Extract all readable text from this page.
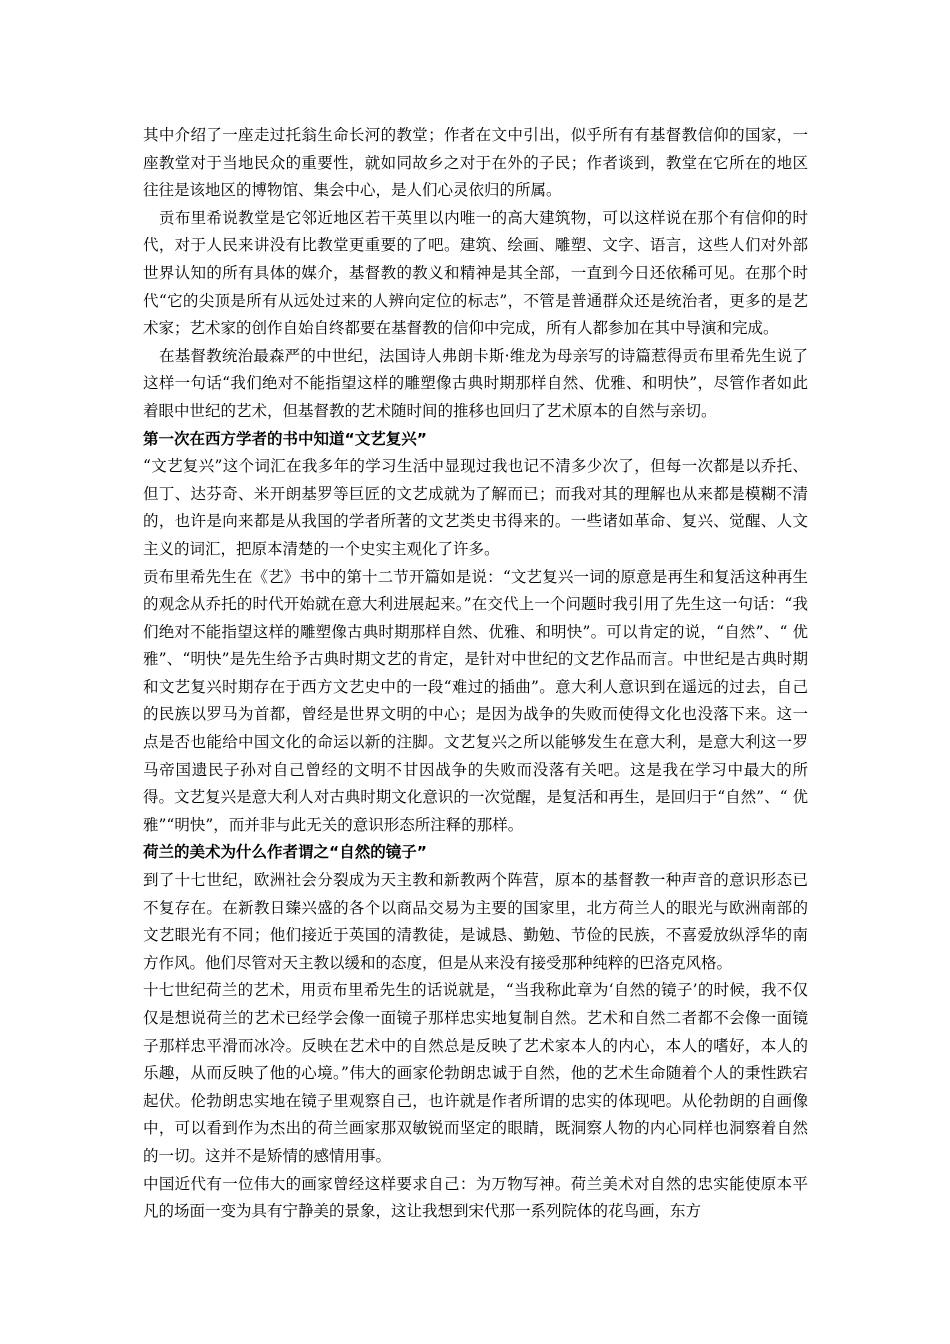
其中介绍了一座走过托翁生命长河的教堂；作者在文中引出，似乎所有有基督教信仰的国家，一座教堂对于当地民众的重要性，就如同故乡之对于在外的子民；作者谈到，教堂在它所在的地区往往是该地区的博物馆、集会中心，是人们心灵依归的所属。

贡布里希说教堂是它邻近地区若干英里以内唯一的高大建筑物，可以这样说在那个有信仰的时代，对于人民来讲没有比教堂更重要的了吧。建筑、绘画、雕塑、文字、语言，这些人们对外部世界认知的所有具体的媒介，基督教的教义和精神是其全部，一直到今日还依稀可见。在那个时代“它的尖顶是所有从远处过来的人辨向定位的标志”，不管是普通群众还是统治者，更多的是艺术家；艺术家的创作自始自终都要在基督教的信仰中完成，所有人都参加在其中导演和完成。

在基督教统治最森严的中世纪，法国诗人弗朗卡斯·维龙为母亲写的诗篇惹得贡布里希先生说了这样一句话“我们绝对不能指望这样的雕塑像古典时期那样自然、优雅、和明快”，尽管作者如此着眼中世纪的艺术，但基督教的艺术随时间的推移也回归了艺术原本的自然与亲切。

第一次在西方学者的书中知道“文艺复兴”

“文艺复兴”这个词汇在我多年的学习生活中显现过我也记不清多少次了，但每一次都是以乔托、但丁、达芬奇、米开朗基罗等巨匠的文艺成就为了解而已；而我对其的理解也从来都是模糊不清的，也许是向来都是从我国的学者所著的文艺类史书得来的。一些诸如革命、复兴、觉醒、人文主义的词汇，把原本清楚的一个史实主观化了许多。

贡布里希先生在《艺》书中的第十二节开篇如是说：“文艺复兴一词的原意是再生和复活这种再生的观念从乔托的时代开始就在意大利进展起来。”在交代上一个问题时我引用了先生这一句话：“我们绝对不能指望这样的雕塑像古典时期那样自然、优雅、和明快”。可以肯定的说，“自然”、“ 优雅”、“明快”是先生给予古典时期文艺的肯定，是针对中世纪的文艺作品而言。中世纪是古典时期和文艺复兴时期存在于西方文艺史中的一段“难过的插曲”。意大利人意识到在遥远的过去，自己的民族以罗马为首都，曾经是世界文明的中心；是因为战争的失败而使得文化也没落下来。这一点是否也能给中国文化的命运以新的注脚。文艺复兴之所以能够发生在意大利，是意大利这一罗马帝国遗民子孙对自己曾经的文明不甘因战争的失败而没落有关吧。这是我在学习中最大的所得。文艺复兴是意大利人对古典时期文化意识的一次觉醒，是复活和再生，是回归于“自然”、“ 优雅”“明快”，而并非与此无关的意识形态所注释的那样。

荷兰的美术为什么作者谓之“自然的镜子”

到了十七世纪，欧洲社会分裂成为天主教和新教两个阵营，原本的基督教一种声音的意识形态已不复存在。在新教日臻兴盛的各个以商品交易为主要的国家里，北方荷兰人的眼光与欧洲南部的文艺眼光有不同；他们接近于英国的清教徒，是诚恳、勤勉、节俭的民族，不喜爱放纵浮华的南方作风。他们尽管对天主教以缓和的态度，但是从来没有接受那种纯粹的巴洛克风格。

十七世纪荷兰的艺术，用贡布里希先生的话说就是，“当我称此章为‘自然的镜子’的时候，我不仅仅是想说荷兰的艺术已经学会像一面镜子那样忠实地复制自然。艺术和自然二者都不会像一面镜子那样忠平滑而冰冷。反映在艺术中的自然总是反映了艺术家本人的内心，本人的嗜好，本人的乐趣，从而反映了他的心境。”伟大的画家伦勃朗忠诚于自然，他的艺术生命随着个人的秉性跌宕起伏。伦勃朗忠实地在镜子里观察自己，也许就是作者所谓的忠实的体现吧。从伦勃朗的自画像中，可以看到作为杰出的荷兰画家那双敏锐而坚定的眼睛，既洞察人物的内心同样也洞察着自然的一切。这并不是矫情的感情用事。

中国近代有一位伟大的画家曾经这样要求自己：为万物写神。荷兰美术对自然的忠实能使原本平凡的场面一变为具有宁静美的景象，这让我想到宋代那一系列院体的花鸟画，东方
